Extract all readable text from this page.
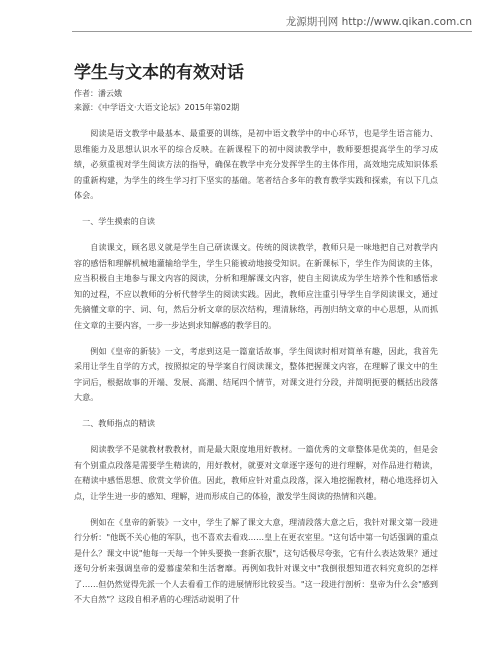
龙源期刊网 http://www.qikan.com.cn
学生与文本的有效对话
作者：潘云娥
来源：《中学语文·大语文论坛》2015年第02期

阅读是语文教学中最基本、最重要的训练，是初中语文教学中的中心环节，也是学生语言能力、思维能力及思想认识水平的综合反映。在新课程下的初中阅读教学中，教师要想提高学生的学习成绩，必须重视对学生阅读方法的指导，确保在教学中充分发挥学生的主体作用，高效地完成知识体系的重新构建，为学生的终生学习打下坚实的基础。笔者结合多年的教育教学实践和探索，有以下几点体会。

一、学生摸索的自读

自读课文，顾名思义就是学生自己研读课文。传统的阅读教学，教师只是一味地把自己对教学内容的感悟和理解机械地灌输给学生，学生只能被动地接受知识。在新课标下，学生作为阅读的主体，应当积极自主地参与课文内容的阅读，分析和理解课文内容，使自主阅读成为学生培养个性和感悟求知的过程，不应以教师的分析代替学生的阅读实践。因此，教师应注重引导学生自学阅读课文，通过先摘懂文章的字、词、句，然后分析文章的层次结构，理清脉络，再剖归纳文章的中心思想，从而抓住文章的主要内容，一步一步达到求知解惑的教学目的。

例如《皇帝的新装》一文，考虑到这是一篇童话故事，学生阅读时相对简单有趣，因此，我首先采用让学生自学的方式，按照拟定的导学案自行阅读课文，整体把握课文内容，在理解了课文中的生字词后，根据故事的开端、发展、高潮、结尾四个情节，对课文进行分段，并简明扼要的概括出段落大意。

二、教师指点的精读

阅读教学不是就教材教教材，而是最大限度地用好教材。一篇优秀的文章整体是优美的，但是会有个别重点段落是需要学生精读的，用好教材，就要对文章逐字逐句的进行理解，对作品进行精读，在精读中感悟思想、欣赏文学价值。因此，教师应针对重点段落，深入地挖掘教材，精心地选择切入点，让学生进一步的感知、理解，进而形成自己的体验，激发学生阅读的热情和兴趣。

例如在《皇帝的新装》一文中，学生了解了课文大意，理清段落大意之后，我针对课文第一段进行分析："他既不关心他的军队，也不喜欢去看戏……皇上在更衣室里。"这句话中第一句话强调的重点是什么？课文中说"他每一天每一个钟头要换一套新衣服"，这句话极尽夸张，它有什么表达效果？通过逐句分析来强调皇帝的爱慕虚荣和生活奢靡。再例如我针对课文中"我倒很想知道衣料究竟织的怎样了……但仍然觉得先派一个人去看看工作的进展情形比较妥当。"这一段进行剖析：皇帝为什么会"感到不大自然"？这段自相矛盾的心理活动说明了什
